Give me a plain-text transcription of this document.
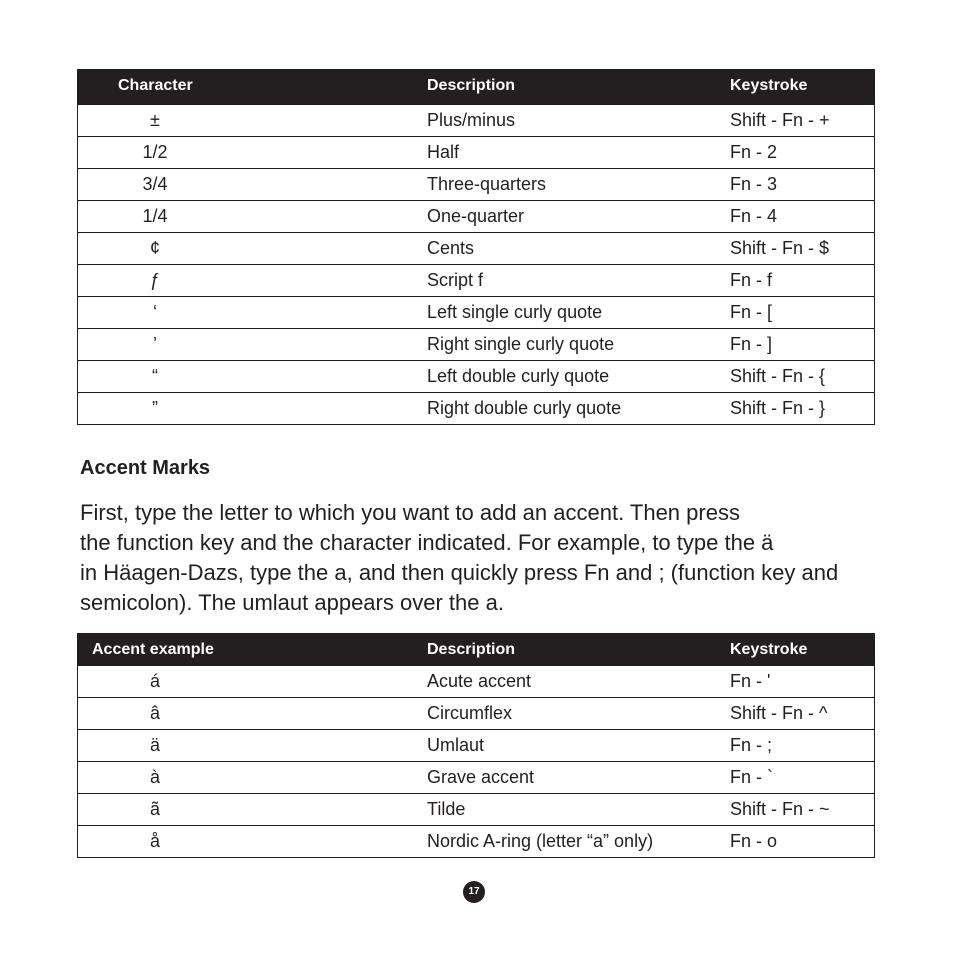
Character	Description	Keystroke
±	Plus/minus	Shift - Fn - +
1/2	Half	Fn - 2
3/4	Three-quarters	Fn - 3
1/4	One-quarter	Fn - 4
¢	Cents	Shift - Fn - $
ƒ	Script f	Fn - f
‘	Left single curly quote	Fn - [
’	Right single curly quote	Fn - ]
“	Left double curly quote	Shift - Fn - {
”	Right double curly quote	Shift - Fn - }
Accent Marks
First, type the letter to which you want to add an accent. Then press
the function key and the character indicated. For example, to type the ä
in Häagen-Dazs, type the a, and then quickly press Fn and ; (function key and
semicolon). The umlaut appears over the a.
Accent example	Description	Keystroke
á	Acute accent	Fn - '
â	Circumflex	Shift - Fn - ^
ä	Umlaut	Fn - ;
à	Grave accent	Fn - `
ã	Tilde	Shift - Fn - ~
å	Nordic A-ring (letter “a” only)	Fn - o
17
